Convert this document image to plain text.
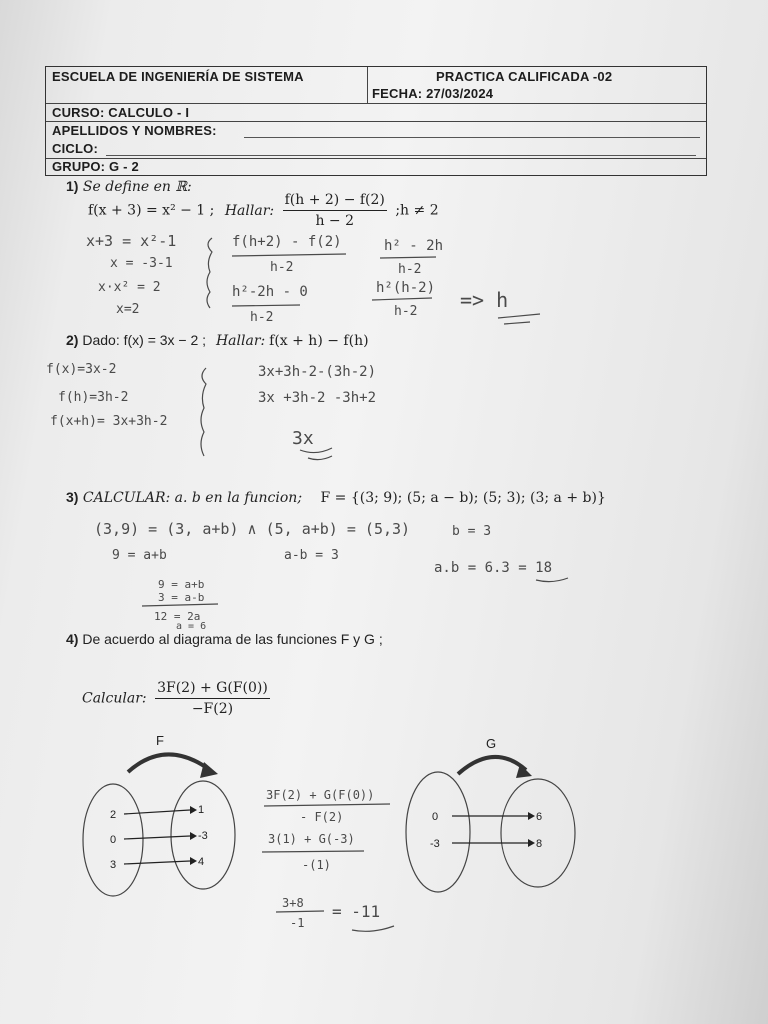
ESCUELA DE INGENIERÍA DE SISTEMA	PRACTICA CALIFICADA -02
FECHA: 27/03/2024
CURSO: CALCULO - I
APELLIDOS Y NOMBRES:
CICLO:
GRUPO: G - 2
1) Se define en ℝ:
f(x + 3) = x² − 1 ; Hallar: $\frac{f(h + 2) - f(2)}{h - 2}$ ;h ≠ 2
x+3 = x²-1
x = -3-1
x·x² = 2
x=2
f(h+2) - f(2)
h-2
h²-2h - 0
h-2
h² - 2h
h-2
h²(h-2)
h-2 => h
2) Dado: f(x) = 3x − 2 ; Hallar: f(x + h) − f(h)
f(x)=3x-2
f(h)=3h-2
f(x+h)= 3x+3h-2
3x+3h-2-(3h-2)
3x +3h-2 -3h+2
3x
3) CALCULAR: a. b en la funcion; F = {(3; 9); (5; a − b); (5; 3); (3; a + b)}
(3,9) = (3, a+b) ∧ (5, a+b) = (5,3)	b = 3
9 = a+b	a-b = 3
a.b = 6.3 = 18
9 = a+b
3 = a-b
12 = 2a
a = 6
4) De acuerdo al diagrama de las funciones F y G ;
Calcular: $\frac{3F(2) + G(F(0))}{-F(2)}$
3F(2) + G(F(0))
- F(2)
3(1) + G(-3)
-(1)
3+8
-1
= -11
F
2
0
3
1
-3
4
G
0
-3
6
8
